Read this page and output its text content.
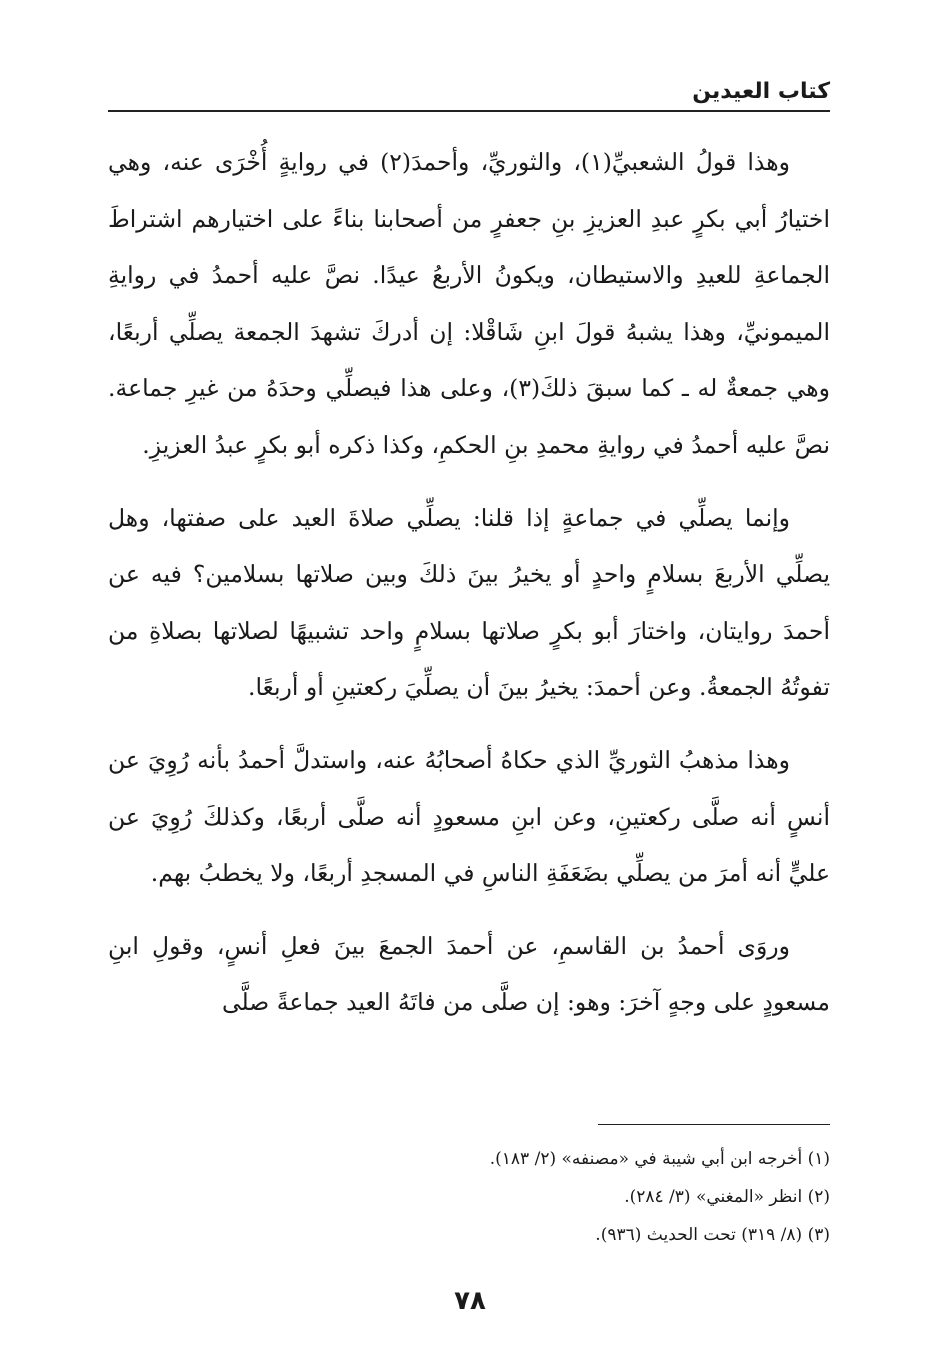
كتاب العيدين

وهذا قولُ الشعبيِّ(١)، والثوريِّ، وأحمدَ(٢) في روايةٍ أُخْرَى عنه، وهي اختيارُ أبي بكرٍ عبدِ العزيزِ بنِ جعفرٍ من أصحابنا بناءً على اختيارهم اشتراطَ الجماعةِ للعيدِ والاستيطان، ويكونُ الأربعُ عيدًا. نصَّ عليه أحمدُ في روايةِ الميمونيِّ، وهذا يشبهُ قولَ ابنِ شَاقْلا: إن أدركَ تشهدَ الجمعة يصلِّي أربعًا، وهي جمعةٌ له ـ كما سبقَ ذلكَ(٣)، وعلى هذا فيصلِّي وحدَهُ من غيرِ جماعة. نصَّ عليه أحمدُ في روايةِ محمدِ بنِ الحكمِ، وكذا ذكره أبو بكرٍ عبدُ العزيزِ.

وإنما يصلِّي في جماعةٍ إذا قلنا: يصلِّي صلاةَ العيد على صفتها، وهل يصلِّي الأربعَ بسلامٍ واحدٍ أو يخيرُ بينَ ذلكَ وبين صلاتها بسلامين؟ فيه عن أحمدَ روايتان، واختارَ أبو بكرٍ صلاتها بسلامٍ واحد تشبيهًا لصلاتها بصلاةِ من تفوتُهُ الجمعةُ. وعن أحمدَ: يخيرُ بينَ أن يصلِّيَ ركعتينِ أو أربعًا.

وهذا مذهبُ الثوريِّ الذي حكاهُ أصحابُهُ عنه، واستدلَّ أحمدُ بأنه رُوِيَ عن أنسٍ أنه صلَّى ركعتينِ، وعن ابنِ مسعودٍ أنه صلَّى أربعًا، وكذلكَ رُوِيَ عن عليٍّ أنه أمرَ من يصلِّي بضَعَفَةِ الناسِ في المسجدِ أربعًا، ولا يخطبُ بهم.

وروَى أحمدُ بن القاسمِ، عن أحمدَ الجمعَ بينَ فعلِ أنسٍ، وقولِ ابنِ مسعودٍ على وجهٍ آخرَ: وهو: إن صلَّى من فاتَهُ العيد جماعةً صلَّى

(١) أخرجه ابن أبي شيبة في «مصنفه» (٢/ ١٨٣).

(٢) انظر «المغني» (٣/ ٢٨٤).

(٣) (٨/ ٣١٩) تحت الحديث (٩٣٦).

٧٨
